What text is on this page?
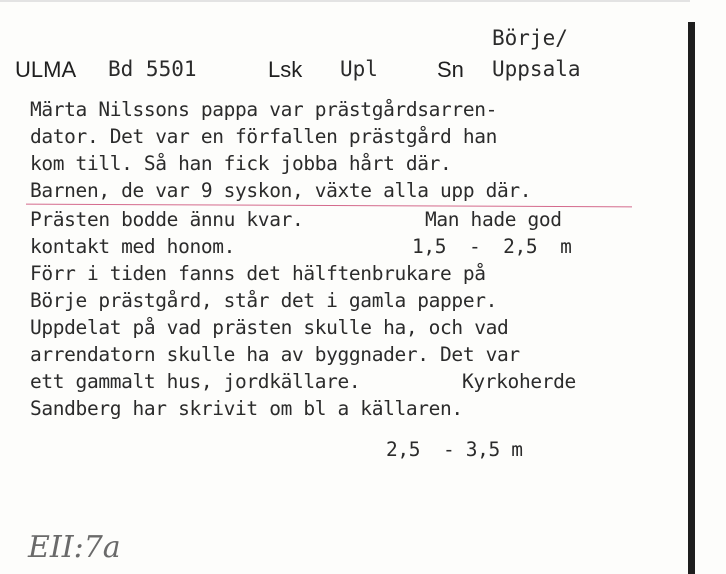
Börje/
ULMA Bd 5501	Lsk Upl	Sn Uppsala
Märta Nilssons pappa var prästgårdsarren-
dator. Det var en förfallen prästgård han
kom till. Så han fick jobba hårt där.
Barnen, de var 9 syskon, växte alla upp där.
Prästen bodde ännu kvar.	Man hade god
kontakt med honom.	1,5  -  2,5  m
Förr i tiden fanns det hälftenbrukare på
Börje prästgård, står det i gamla papper.
Uppdelat på vad prästen skulle ha, och vad
arrendatorn skulle ha av byggnader. Det var
ett gammalt hus, jordkällare.	Kyrkoherde
Sandberg har skrivit om bl a källaren.
2,5  - 3,5 m
EII:7a
